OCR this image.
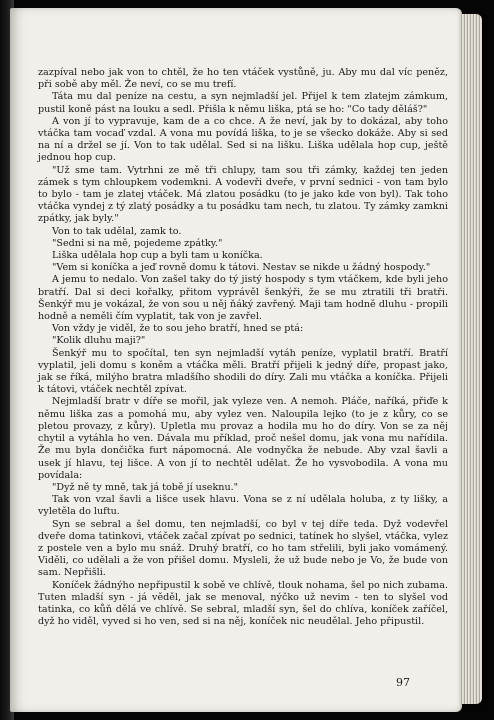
zazpíval nebo jak von to chtěl, že ho ten vtáček vystůně, ju. Aby mu dal víc peněz, při sobě aby měl. Že neví, co se mu trefí.

Táta mu dal peníze na cestu, a syn nejmladší jel. Přijel k tem zlatejm zámkum, pustil koně pást na louku a sedl. Přišla k němu liška, ptá se ho: "Co tady děláš?"

A von jí to vypravuje, kam de a co chce. A že neví, jak by to dokázal, aby toho vtáčka tam vocaď vzdal. A vona mu povídá liška, to je se všecko dokáže. Aby si sed na ní a držel se jí. Von to tak udělal. Sed si na lišku. Liška udělala hop cup, ještě jednou hop cup.

"Už sme tam. Vytrhni ze mě tři chlupy, tam sou tři zámky, každej ten jeden zámek s tym chloupkem vodemkni. A vodevři dveře, v první sednici - von tam bylo to bylo - tam je zlatej vtáček. Má zlatou posádku (to je jako kde von byl). Tak toho vtáčka vyndej z tý zlatý posádky a tu posádku tam nech, tu zlatou. Ty zámky zamkni zpátky, jak byly."

Von to tak udělal, zamk to.

"Sedni si na mě, pojedeme zpátky."

Liška udělala hop cup a byli tam u koníčka.

"Vem si koníčka a jeď rovně domu k tátovi. Nestav se nikde u žádný hospody."

A jemu to nedalo. Von zašel taky do tý jistý hospody s tym vtáčkem, kde byli jeho bratří. Dal si deci kořalky, přitom vyprávěl šenkýři, že se mu ztratili tři bratři. Šenkýř mu je vokázal, že von sou u něj ňáký zavřený. Maji tam hodně dluhu - propili hodně a neměli čím vyplatit, tak von je zavřel.

Von vždy je viděl, že to sou jeho bratří, hned se ptá:

"Kolik dluhu maji?"

Šenkýř mu to spočítal, ten syn nejmladší vytáh peníze, vyplatil bratří. Bratří vyplatil, jeli domu s koněm a vtáčka měli. Bratří přijeli k jedný díře, propast jako, jak se říká, milýho bratra mladšího shodili do díry. Zali mu vtáčka a koníčka. Přijeli k tátovi, vtáček nechtěl zpívat.

Nejmladší bratr v díře se mořil, jak vyleze ven. A nemoh. Pláče, naříká, přiďe k němu liška zas a pomohá mu, aby vylez ven. Naloupila lejko (to je z kůry, co se pletou provazy, z kůry). Upletla mu provaz a hodila mu ho do díry. Von se za něj chytil a vytáhla ho ven. Dávala mu příklad, proč nešel domu, jak vona mu nařídila. Že mu byla dončička furt nápomocná. Ale vodnyčka že nebude. Aby vzal šavli a usek jí hlavu, tej lišce. A von jí to nechtěl udělat. Že ho vysvobodila. A vona mu povídala:

"Dyž ně ty mně, tak já tobě jí useknu."

Tak von vzal šavli a lišce usek hlavu. Vona se z ní udělala holuba, z ty lišky, a vyletěla do luftu.

Syn se sebral a šel domu, ten nejmladší, co byl v tej díře teda. Dyž vodevřel dveře doma tatinkovi, vtáček začal zpívat po sednici, tatínek ho slyšel, vtáčka, vylez z postele ven a bylo mu snáž. Druhý bratří, co ho tam střelili, byli jako vomámený. Viděli, co udělali a že von přišel domu. Mysleli, že už bude nebo je Vo, že bude von sam. Nepřišli.

Koníček žádnýho nepřipustil k sobě ve chlívě, tlouk nohama, šel po nich zubama. Tuten mladší syn - já věděl, jak se menoval, nýčko už nevim - ten to slyšel vod tatinka, co kůň dělá ve chlívě. Se sebral, mladší syn, šel do chlíva, koníček zaříčel, dyž ho viděl, vyved si ho ven, sed si na něj, koníček nic neudělal. Jeho připustil.

97
